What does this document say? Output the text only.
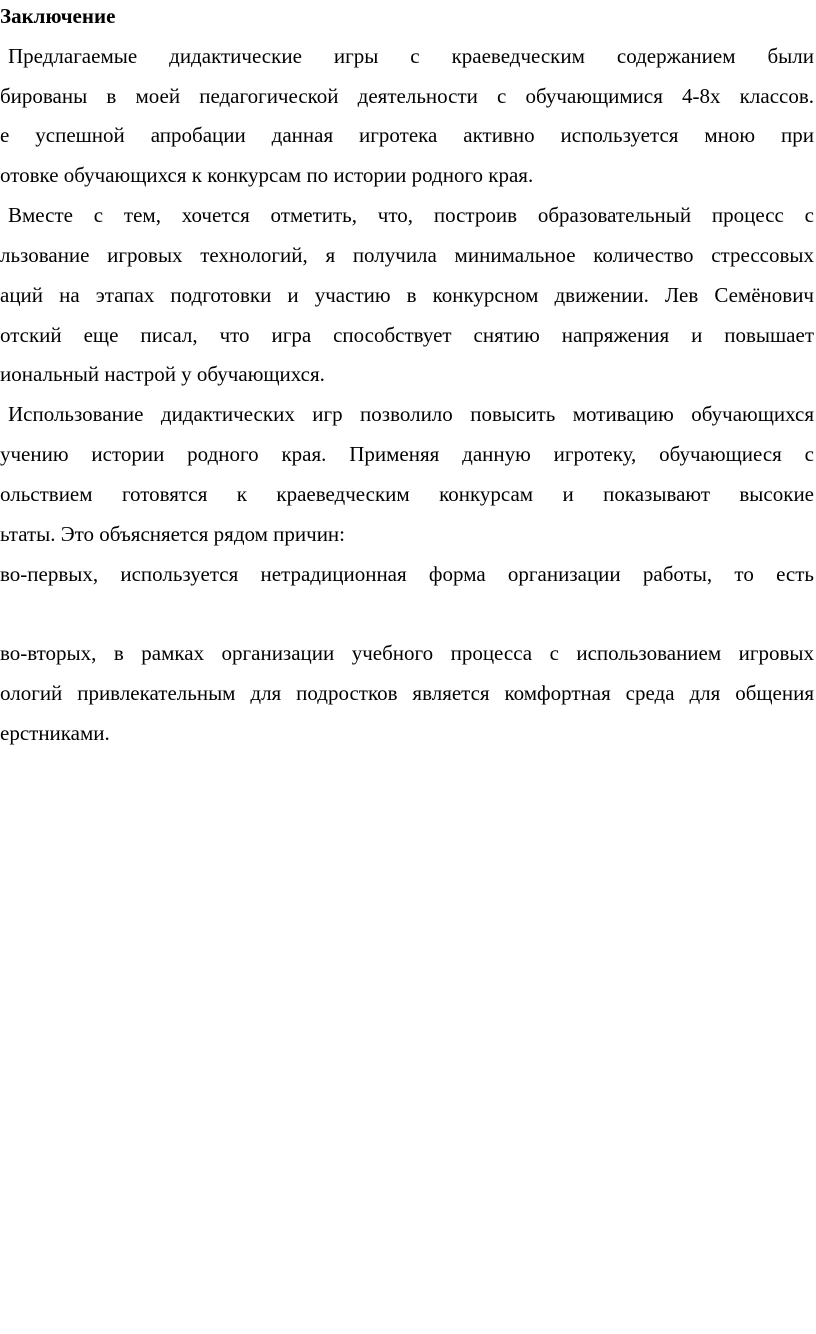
Заключение
Предлагаемые дидактические игры с краеведческим содержанием были
бированы в моей педагогической деятельности с обучающимися 4-8х классов.
е успешной апробации данная игротека активно используется мною при
отовке обучающихся к конкурсам по истории родного края.
Вместе с тем, хочется отметить, что, построив образовательный процесс с
льзование игровых технологий, я получила минимальное количество стрессовых
аций на этапах подготовки и участию в конкурсном движении. Лев Семёнович
отский еще писал, что игра способствует снятию напряжения и повышает
иональный настрой у обучающихся.
Использование дидактических игр позволило повысить мотивацию обучающихся
учению истории родного края. Применяя данную игротеку, обучающиеся с
ольствием готовятся к краеведческим конкурсам и показывают высокие
ьтаты. Это объясняется рядом причин:
во-первых, используется нетрадиционная форма организации работы, то есть
во-вторых, в рамках организации учебного процесса с использованием игровых
ологий привлекательным для подростков является комфортная среда для общения
ерстниками.
